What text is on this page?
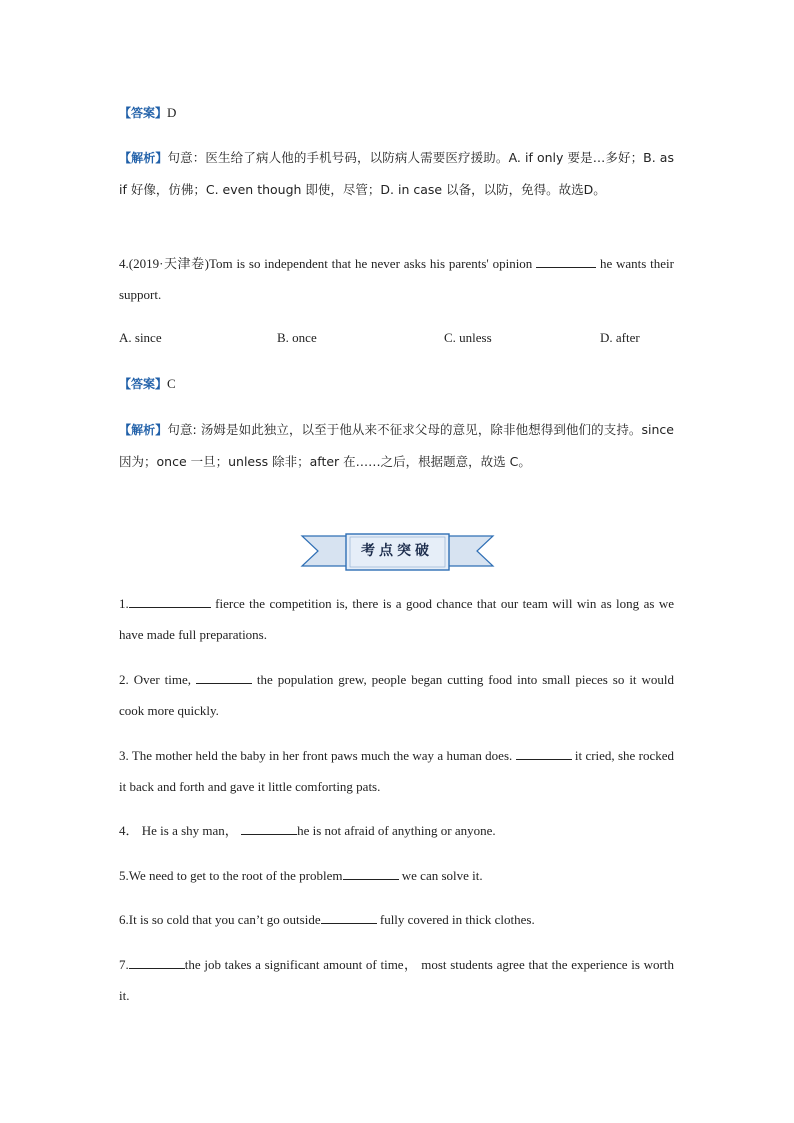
【答案】D
【解析】句意：医生给了病人他的手机号码，以防病人需要医疗援助。A. if only 要是…多好；B. as if 好像，仿佛；C. even though 即使，尽管；D. in case 以备，以防，免得。故选D。
4.(2019·天津卷)Tom is so independent that he never asks his parents' opinion	he wants their support.
A. since	B. once	C. unless	D. after
【答案】C
【解析】句意: 汤姆是如此独立，以至于他从来不征求父母的意见，除非他想得到他们的支持。since 因为；once 一旦；unless 除非；after 在……之后，根据题意，故选 C。
考点突破
1.	fierce the competition is, there is a good chance that our team will win as long as we have made full preparations.
2. Over time,	the population grew, people began cutting food into small pieces so it would cook more quickly.
3. The mother held the baby in her front paws much the way a human does.	it cried, she rocked it back and forth and gave it little comforting pats.
4． He is a shy man，	he is not afraid of anything or anyone.
5.We need to get to the root of the problem	we can solve it.
6.It is so cold that you can’t go outside	fully covered in thick clothes.
7.	the job takes a significant amount of time， most students agree that the experience is worth it.
